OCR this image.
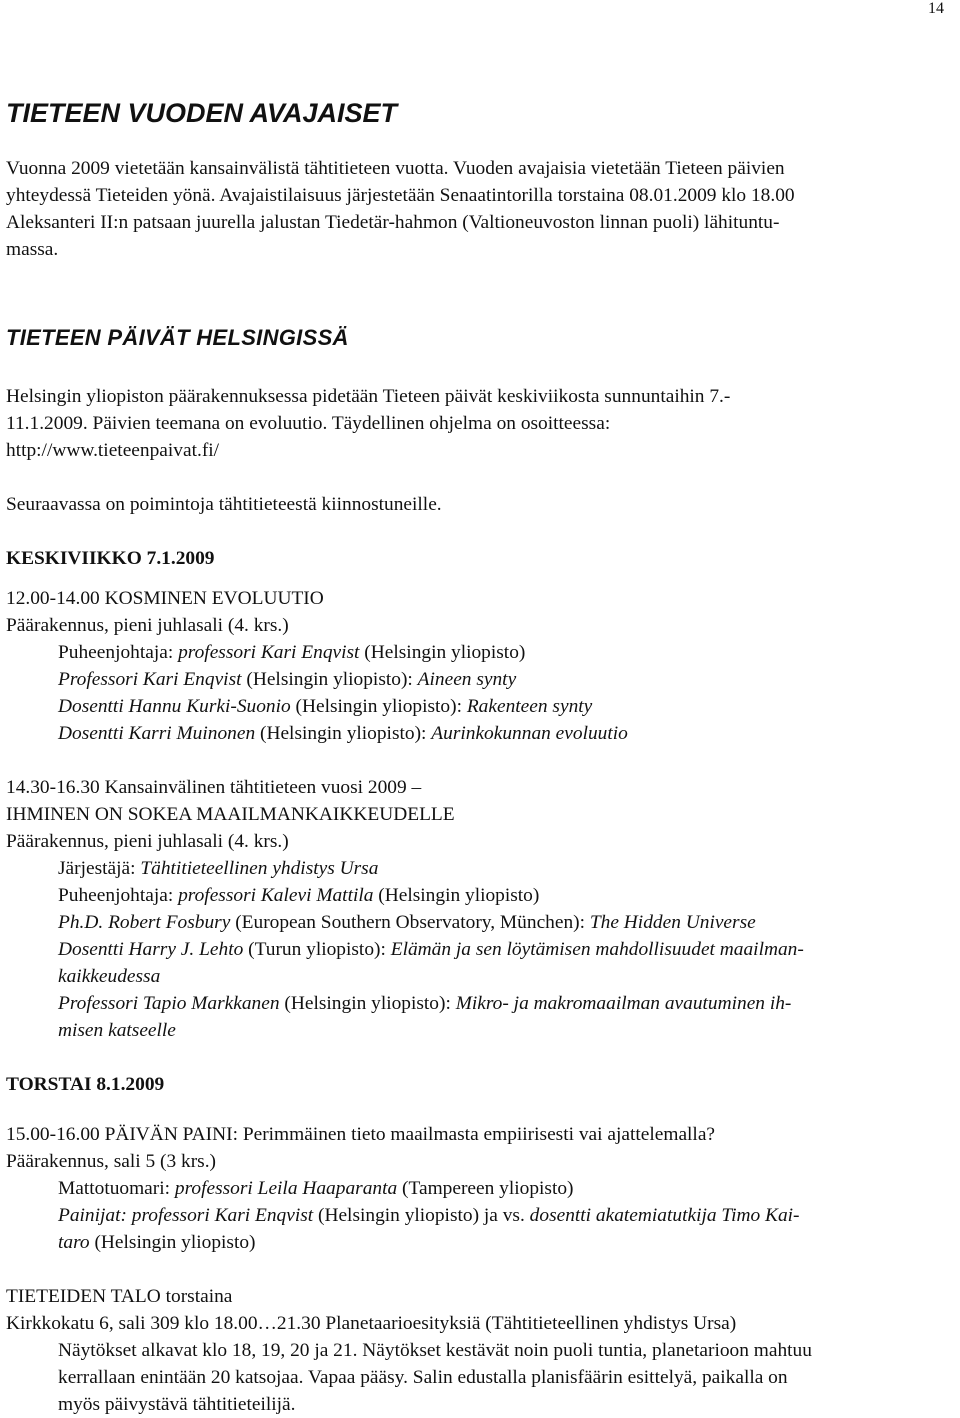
14
TIETEEN VUODEN AVAJAISET
Vuonna 2009 vietetään kansainvälistä tähtitieteen vuotta. Vuoden avajaisia vietetään Tieteen päivien
yhteydessä Tieteiden yönä. Avajaistilaisuus järjestetään Senaatintorilla torstaina 08.01.2009 klo 18.00
Aleksanteri II:n patsaan juurella jalustan Tiedetär-hahmon (Valtioneuvoston linnan puoli) lähituntu-
massa.
TIETEEN PÄIVÄT HELSINGISSÄ
Helsingin yliopiston päärakennuksessa pidetään Tieteen päivät keskiviikosta sunnuntaihin 7.-
11.1.2009. Päivien teemana on evoluutio. Täydellinen ohjelma on osoitteessa:
http://www.tieteenpaivat.fi/
Seuraavassa on poimintoja tähtitieteestä kiinnostuneille.
KESKIVIIKKO 7.1.2009
12.00-14.00 KOSMINEN EVOLUUTIO
Päärakennus, pieni juhlasali (4. krs.)
Puheenjohtaja: professori Kari Enqvist (Helsingin yliopisto)
Professori Kari Enqvist (Helsingin yliopisto): Aineen synty
Dosentti Hannu Kurki-Suonio (Helsingin yliopisto): Rakenteen synty
Dosentti Karri Muinonen (Helsingin yliopisto): Aurinkokunnan evoluutio
14.30-16.30 Kansainvälinen tähtitieteen vuosi 2009 –
IHMINEN ON SOKEA MAAILMANKAIKKEUDELLE
Päärakennus, pieni juhlasali (4. krs.)
Järjestäjä: Tähtitieteellinen yhdistys Ursa
Puheenjohtaja: professori Kalevi Mattila (Helsingin yliopisto)
Ph.D. Robert Fosbury (European Southern Observatory, München): The Hidden Universe
Dosentti Harry J. Lehto (Turun yliopisto): Elämän ja sen löytämisen mahdollisuudet maailman-
kaikkeudessa
Professori Tapio Markkanen (Helsingin yliopisto): Mikro- ja makromaailman avautuminen ih-
misen katseelle
TORSTAI 8.1.2009
15.00-16.00 PÄIVÄN PAINI: Perimmäinen tieto maailmasta empiirisesti vai ajattelemalla?
Päärakennus, sali 5 (3 krs.)
Mattotuomari: professori Leila Haaparanta (Tampereen yliopisto)
Painijat: professori Kari Enqvist (Helsingin yliopisto) ja vs. dosentti akatemiatutkija Timo Kai-
taro (Helsingin yliopisto)
TIETEIDEN TALO torstaina
Kirkkokatu 6, sali 309 klo 18.00…21.30 Planetaarioesityksiä (Tähtitieteellinen yhdistys Ursa)
Näytökset alkavat klo 18, 19, 20 ja 21. Näytökset kestävät noin puoli tuntia, planetarioon mahtuu
kerrallaan enintään 20 katsojaa. Vapaa pääsy. Salin edustalla planisfäärin esittelyä, paikalla on
myös päivystävä tähtitieteilijä.
